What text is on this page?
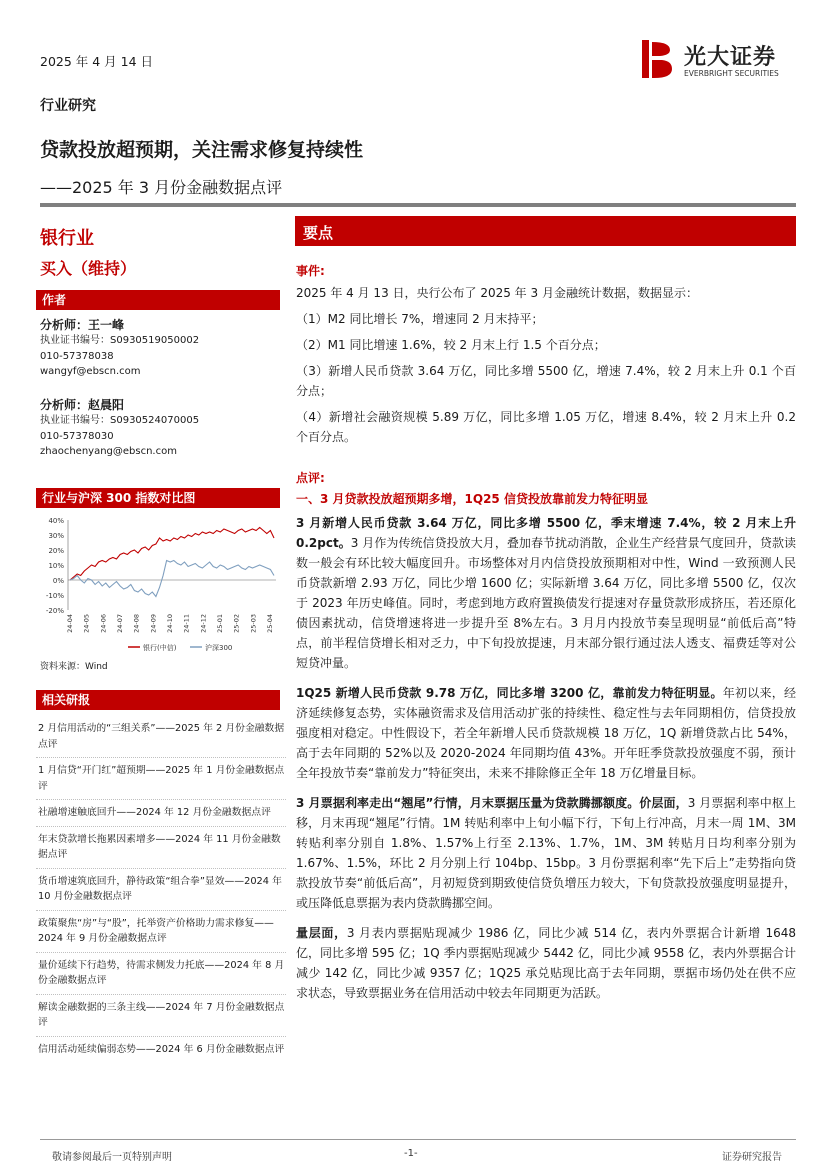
2025 年 4 月 14 日	光大证券
EVERBRIGHT SECURITIES
行业研究
贷款投放超预期，关注需求修复持续性
——2025 年 3 月份金融数据点评
银行业
买入（维持）
作者
分析师：王一峰
执业证书编号：S0930519050002
010-57378038
wangyf@ebscn.com
分析师：赵晨阳
执业证书编号：S0930524070005
010-57378030
zhaochenyang@ebscn.com
行业与沪深 300 指数对比图
40%
30%
20%
10%
0%
-10%
-20%
24-04 24-05 24-06 24-07 24-08 24-09 24-10 24-11 24-12 25-01 25-02 25-03 25-04
银行(中信)	沪深300
资料来源：Wind
相关研报
2 月信用活动的“三组关系”——2025 年 2 月份金融数据点评
1 月信贷“开门红”超预期——2025 年 1 月份金融数据点评
社融增速触底回升——2024 年 12 月份金融数据点评
年末贷款增长拖累因素增多——2024 年 11 月份金融数据点评
货币增速筑底回升，静待政策“组合拳”显效——2024 年 10 月份金融数据点评
政策聚焦“房”与“股”，托举资产价格助力需求修复——2024 年 9 月份金融数据点评
量价延续下行趋势，待需求侧发力托底——2024 年 8 月份金融数据点评
解读金融数据的三条主线——2024 年 7 月份金融数据点评
信用活动延续偏弱态势——2024 年 6 月份金融数据点评
要点
事件:
2025 年 4 月 13 日，央行公布了 2025 年 3 月金融统计数据，数据显示：
（1）M2 同比增长 7%，增速同 2 月末持平；
（2）M1 同比增速 1.6%，较 2 月末上行 1.5 个百分点；
（3）新增人民币贷款 3.64 万亿，同比多增 5500 亿，增速 7.4%，较 2 月末上升 0.1 个百分点；
（4）新增社会融资规模 5.89 万亿，同比多增 1.05 万亿，增速 8.4%，较 2 月末上升 0.2 个百分点。
点评:
一、3 月贷款投放超预期多增，1Q25 信贷投放靠前发力特征明显
3 月新增人民币贷款 3.64 万亿，同比多增 5500 亿，季末增速 7.4%，较 2 月末上升 0.2pct。3 月作为传统信贷投放大月，叠加春节扰动消散，企业生产经营景气度回升，贷款读数一般会有环比较大幅度回升。市场整体对月内信贷投放预期相对中性，Wind 一致预测人民币贷款新增 2.93 万亿，同比少增 1600 亿；实际新增 3.64 万亿，同比多增 5500 亿，仅次于 2023 年历史峰值。同时，考虑到地方政府置换债发行提速对存量贷款形成挤压，若还原化债因素扰动，信贷增速将进一步提升至 8%左右。3 月月内投放节奏呈现明显“前低后高”特点，前半程信贷增长相对乏力，中下旬投放提速，月末部分银行通过法人透支、福费廷等对公短贷冲量。
1Q25 新增人民币贷款 9.78 万亿，同比多增 3200 亿，靠前发力特征明显。年初以来，经济延续修复态势，实体融资需求及信用活动扩张的持续性、稳定性与去年同期相仿，信贷投放强度相对稳定。中性假设下，若全年新增人民币贷款规模 18 万亿，1Q 新增贷款占比 54%，高于去年同期的 52%以及 2020-2024 年同期均值 43%。开年旺季贷款投放强度不弱，预计全年投放节奏“靠前发力”特征突出，未来不排除修正全年 18 万亿增量目标。
3 月票据利率走出“翘尾”行情，月末票据压量为贷款腾挪额度。价层面，3 月票据利率中枢上移，月末再现“翘尾”行情。1M 转贴利率中上旬小幅下行，下旬上行冲高，月末一周 1M、3M 转贴利率分别自 1.8%、1.57%上行至 2.13%、1.7%，1M、3M 转贴月日均利率分别为 1.67%、1.5%，环比 2 月分别上行 104bp、15bp。3 月份票据利率“先下后上”走势指向贷款投放节奏“前低后高”，月初短贷到期致使信贷负增压力较大，下旬贷款投放强度明显提升，或压降低息票据为表内贷款腾挪空间。
量层面，3 月表内票据贴现减少 1986 亿，同比少减 514 亿，表内外票据合计新增 1648 亿，同比多增 595 亿；1Q 季内票据贴现减少 5442 亿，同比少减 9558 亿，表内外票据合计减少 142 亿，同比少减 9357 亿；1Q25 承兑贴现比高于去年同期，票据市场仍处在供不应求状态，导致票据业务在信用活动中较去年同期更为活跃。
敬请参阅最后一页特别声明	-1-	证券研究报告
